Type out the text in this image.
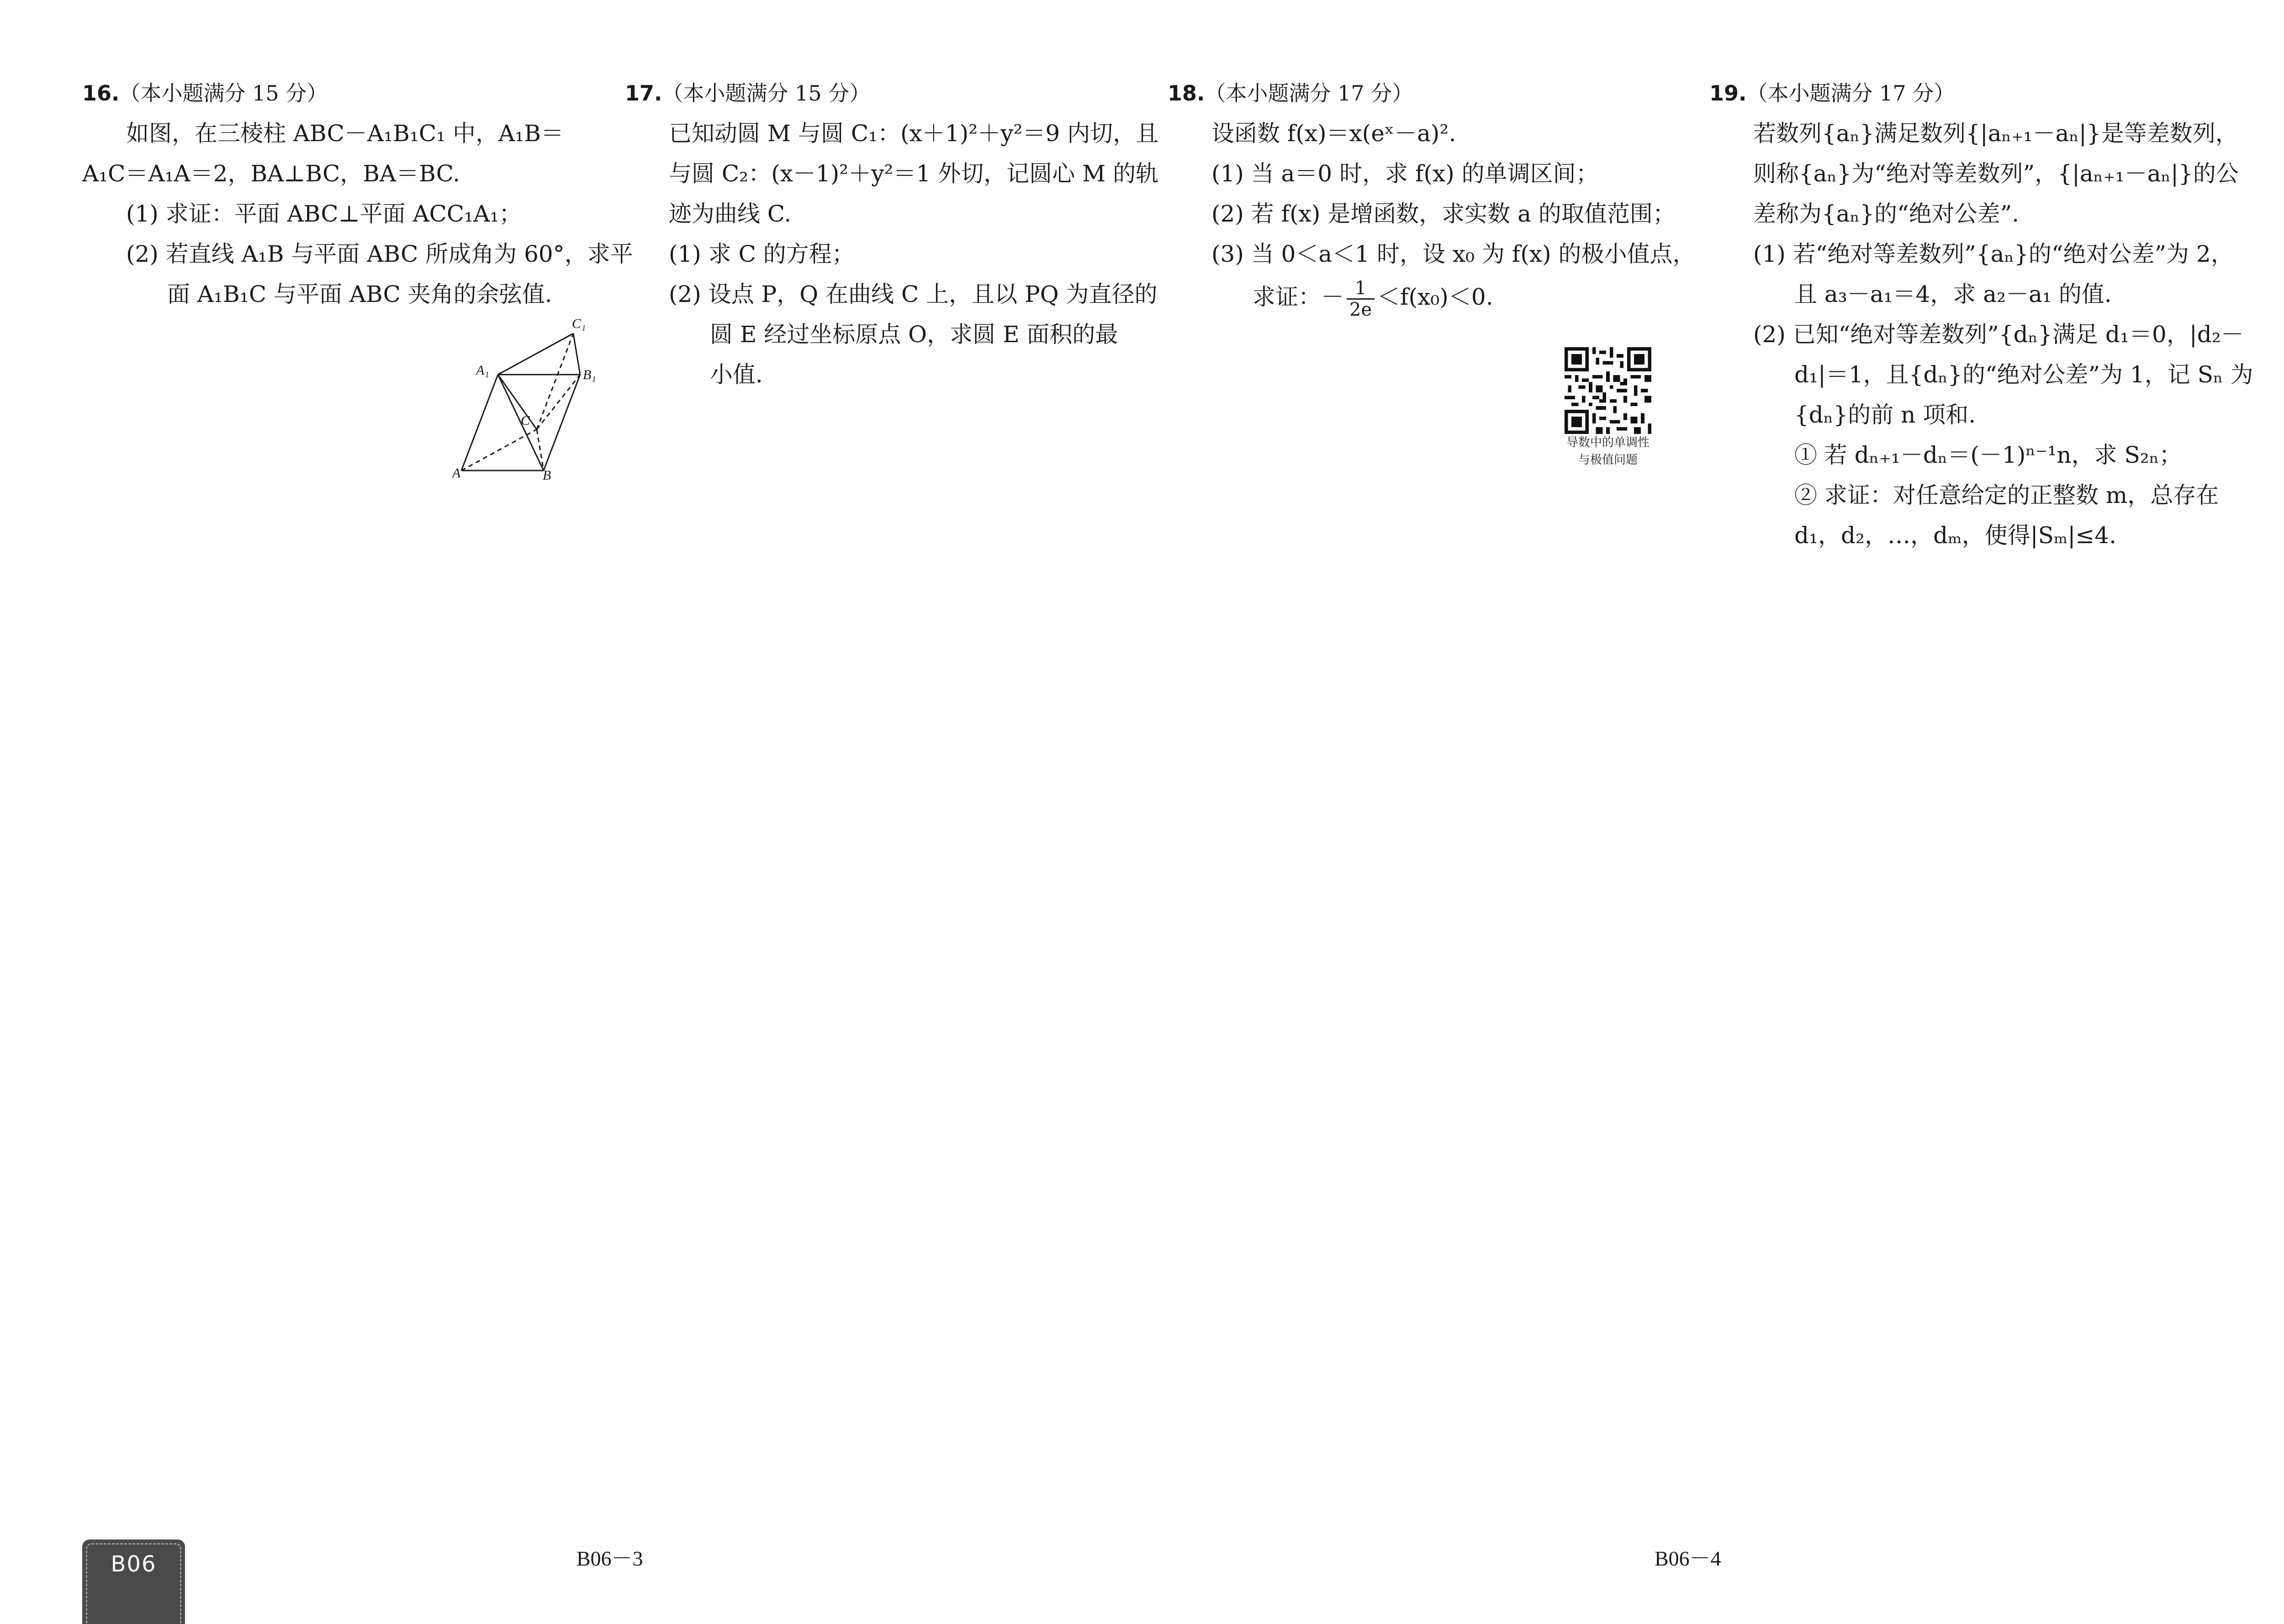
16.（本小题满分 15 分）
如图，在三棱柱 ABC－A₁B₁C₁ 中，A₁B＝
A₁C＝A₁A＝2，BA⊥BC，BA＝BC.
(1) 求证：平面 ABC⊥平面 ACC₁A₁；
(2) 若直线 A₁B 与平面 ABC 所成角为 60°，求平
面 A₁B₁C 与平面 ABC 夹角的余弦值.
A	B
C
A₁	B₁
C₁
17.（本小题满分 15 分）
已知动圆 M 与圆 C₁：(x＋1)²＋y²＝9 内切，且
与圆 C₂：(x－1)²＋y²＝1 外切，记圆心 M 的轨
迹为曲线 C.
(1) 求 C 的方程；
(2) 设点 P，Q 在曲线 C 上，且以 PQ 为直径的
圆 E 经过坐标原点 O，求圆 E 面积的最
小值.
18.（本小题满分 17 分）
设函数 f(x)＝x(eˣ－a)².
(1) 当 a＝0 时，求 f(x) 的单调区间；
(2) 若 f(x) 是增函数，求实数 a 的取值范围；
(3) 当 0＜a＜1 时，设 x₀ 为 f(x) 的极小值点，
求证：－ $\frac{1}{2e} <f(x_0)<0$.
导数中的单调性
与极值问题
19.（本小题满分 17 分）
若数列{aₙ}满足数列{|aₙ₊₁－aₙ|}是等差数列，
则称{aₙ}为“绝对等差数列”，{|aₙ₊₁－aₙ|}的公
差称为{aₙ}的“绝对公差”.
(1) 若“绝对等差数列”{aₙ}的“绝对公差”为 2，
且 a₃－a₁＝4，求 a₂－a₁ 的值.
(2) 已知“绝对等差数列”{dₙ}满足 d₁＝0，|d₂－
d₁|＝1，且{dₙ}的“绝对公差”为 1，记 Sₙ 为
{dₙ}的前 n 项和.
① 若 dₙ₊₁－dₙ＝(－1)ⁿ⁻¹n，求 S₂ₙ；
② 求证：对任意给定的正整数 m，总存在
d₁，d₂，…，dₘ，使得|Sₘ|≤4.
B06	B06－3	B06－4
